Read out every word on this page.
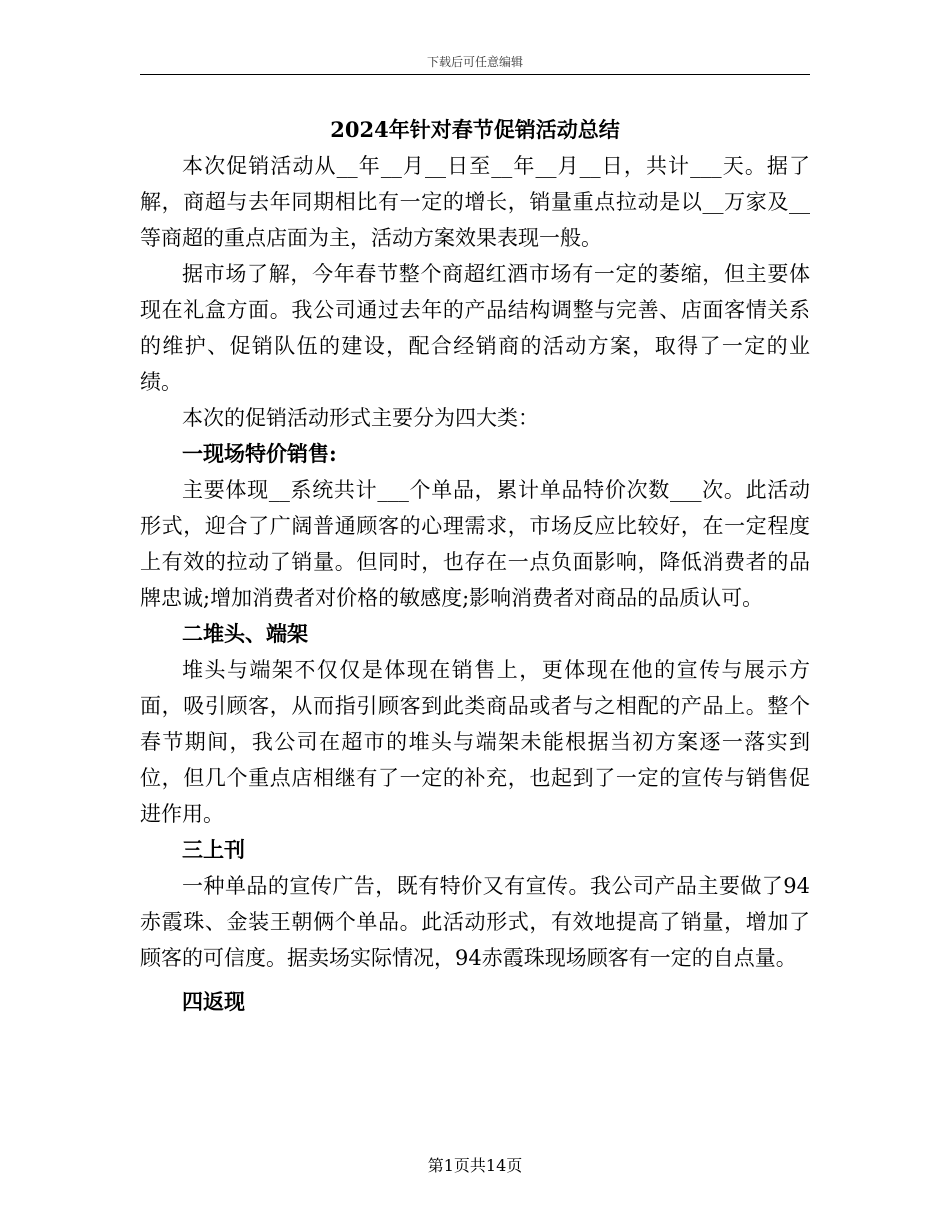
下载后可任意编辑
2024年针对春节促销活动总结

本次促销活动从__年__月__日至__年__月__日，共计___天。据了解，商超与去年同期相比有一定的增长，销量重点拉动是以__万家及__等商超的重点店面为主，活动方案效果表现一般。

据市场了解，今年春节整个商超红酒市场有一定的萎缩，但主要体现在礼盒方面。我公司通过去年的产品结构调整与完善、店面客情关系的维护、促销队伍的建设，配合经销商的活动方案，取得了一定的业绩。

本次的促销活动形式主要分为四大类：

一现场特价销售:

主要体现__系统共计___个单品，累计单品特价次数___次。此活动形式，迎合了广阔普通顾客的心理需求，市场反应比较好，在一定程度上有效的拉动了销量。但同时，也存在一点负面影响，降低消费者的品牌忠诚;增加消费者对价格的敏感度;影响消费者对商品的品质认可。

二堆头、端架

堆头与端架不仅仅是体现在销售上，更体现在他的宣传与展示方面，吸引顾客，从而指引顾客到此类商品或者与之相配的产品上。整个春节期间，我公司在超市的堆头与端架未能根据当初方案逐一落实到位，但几个重点店相继有了一定的补充，也起到了一定的宣传与销售促进作用。

三上刊

一种单品的宣传广告，既有特价又有宣传。我公司产品主要做了94赤霞珠、金装王朝俩个单品。此活动形式，有效地提高了销量，增加了顾客的可信度。据卖场实际情况，94赤霞珠现场顾客有一定的自点量。

四返现
第1页共14页
